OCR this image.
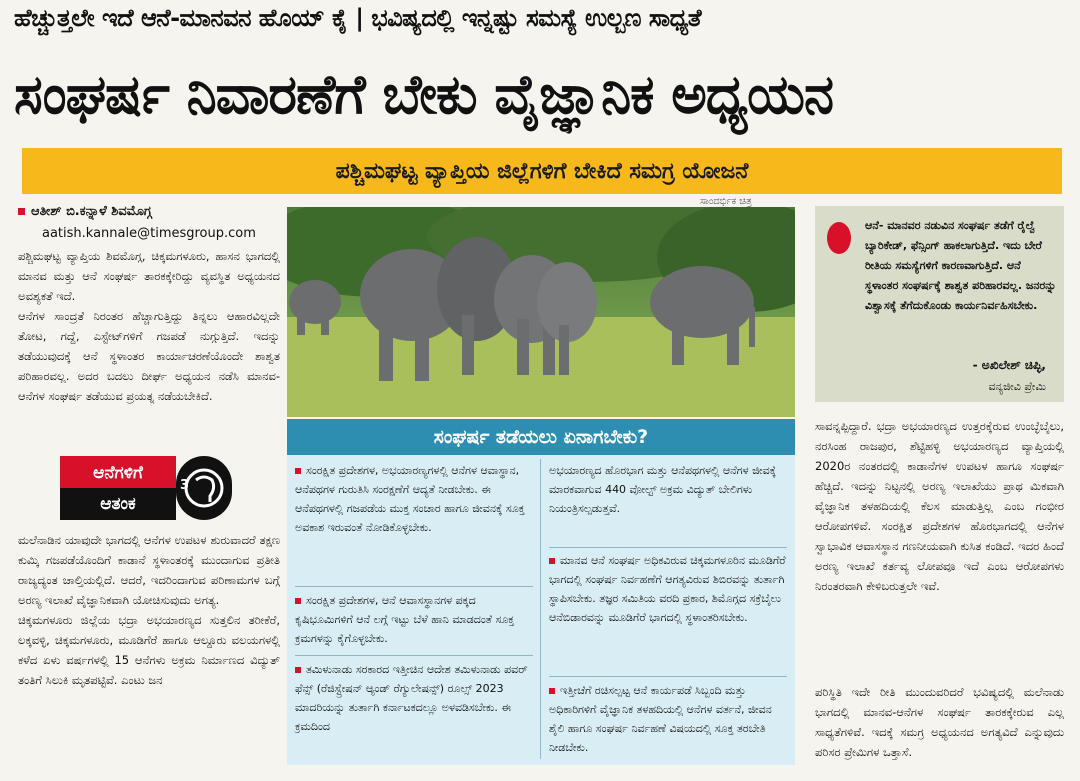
ಹೆಚ್ಚುತ್ತಲೇ ಇದೆ ಆನೆ-ಮಾನವನ ಹೊಯ್ ಕೈ | ಭವಿಷ್ಯದಲ್ಲಿ ಇನ್ನಷ್ಟು ಸಮಸ್ಯೆ ಉಲ್ಬಣ ಸಾಧ್ಯತೆ
ಸಂಘರ್ಷ ನಿವಾರಣೆಗೆ ಬೇಕು ವೈಜ್ಞಾನಿಕ ಅಧ್ಯಯನ
ಪಶ್ಚಿಮಘಟ್ಟ ವ್ಯಾಪ್ತಿಯ ಜಿಲ್ಲೆಗಳಿಗೆ ಬೇಕಿದೆ ಸಮಗ್ರ ಯೋಜನೆ
ಸಾಂದರ್ಭಿಕ ಚಿತ್ರ
ಆತೀಶ್ ಬಿ.ಕನ್ನಾಳೆ ಶಿವಮೊಗ್ಗ
aatish.kannale@timesgroup.com

ಪಶ್ಚಿಮಘಟ್ಟ ವ್ಯಾಪ್ತಿಯ ಶಿವಮೊಗ್ಗ, ಚಿಕ್ಕಮಗಳೂರು, ಹಾಸನ ಭಾಗದಲ್ಲಿ ಮಾನವ ಮತ್ತು ಆನೆ ಸಂಘರ್ಷ ತಾರಕಕ್ಕೇರಿದ್ದು ವ್ಯವಸ್ಥಿತ ಅಧ್ಯಯನದ ಅವಶ್ಯಕತೆ ಇದೆ.

ಆನೆಗಳ ಸಾಂದ್ರತೆ ನಿರಂತರ ಹೆಚ್ಚಾಗುತ್ತಿದ್ದು ತಿನ್ನಲು ಆಹಾರವಿಲ್ಲದೇ ತೋಟ, ಗದ್ದೆ, ಎಸ್ಟೇಟ್‌ಗಳಿಗೆ ಗಜಪಡೆ ನುಗ್ಗುತ್ತಿದೆ. ಇದನ್ನು ತಡೆಯುವುದಕ್ಕೆ ಆನೆ ಸ್ಥಳಾಂತರ ಕಾರ್ಯಾಚರಣೆಯೊಂದೇ ಶಾಶ್ವತ ಪರಿಹಾರವಲ್ಲ. ಅದರ ಬದಲು ದೀರ್ಘ ಅಧ್ಯಯನ ನಡೆಸಿ ಮಾನವ- ಆನೆಗಳ ಸಂಘರ್ಷ ತಡೆಯುವ ಪ್ರಯತ್ನ ನಡೆಯಬೇಕಿದೆ.

ಆನೆಗಳಿಗೆ
ಆತಂಕ
3

ಮಲೆನಾಡಿನ ಯಾವುದೇ ಭಾಗದಲ್ಲಿ ಆನೆಗಳ ಉಪಟಳ ಶುರುವಾದರೆ ತಕ್ಷಣ ಕುಮ್ಕಿ ಗಜಪಡೆಯೊಂದಿಗೆ ಕಾಡಾನೆ ಸ್ಥಳಾಂತರಕ್ಕೆ ಮುಂದಾಗುವ ಪ್ರತೀತಿ ರಾಜ್ಯದ್ಯಂತ ಚಾಲ್ತಿಯಲ್ಲಿದೆ. ಆದರೆ, ಇದರಿಂದಾಗುವ ಪರಿಣಾಮಗಳ ಬಗ್ಗೆ ಅರಣ್ಯ ಇಲಾಖೆ ವೈಜ್ಞಾನಿಕವಾಗಿ ಯೋಚಿಸುವುದು ಅಗತ್ಯ.

ಚಿಕ್ಕಮಗಳೂರು ಜಿಲ್ಲೆಯ ಭದ್ರಾ ಅಭಯಾರಣ್ಯದ ಸುತ್ತಲಿನ ತರೀಕೆರೆ, ಲಕ್ಕವಳ್ಳಿ, ಚಿಕ್ಕಮಗಳೂರು, ಮೂಡಿಗೆರೆ ಹಾಗೂ ಆಲ್ದೂರು ವಲಯಗಳಲ್ಲಿ ಕಳೆದ ಏಳು ವರ್ಷಗಳಲ್ಲಿ 15 ಆನೆಗಳು ಅಕ್ರಮ ನಿರ್ಮಾಣದ ವಿದ್ಯುತ್ ತಂತಿಗೆ ಸಿಲುಕಿ ಮೃತಪಟ್ಟಿವೆ. ಎಂಟು ಜನ

ಆನೆ- ಮಾನವರ ನಡುವಿನ ಸಂಘರ್ಷ ತಡೆಗೆ ರೈಲ್ವೆ ಬ್ಯಾರಿಕೇಡ್, ಫೆನ್ಸಿಂಗ್ ಹಾಕಲಾಗುತ್ತಿದೆ. ಇದು ಬೇರೆ ರೀತಿಯ ಸಮಸ್ಯೆಗಳಿಗೆ ಕಾರಣವಾಗುತ್ತಿದೆ. ಆನೆ ಸ್ಥಳಾಂತರ ಸಂಘರ್ಷಕ್ಕೆ ಶಾಶ್ವತ ಪರಿಹಾರವಲ್ಲ. ಜನರನ್ನು ವಿಶ್ವಾಸಕ್ಕೆ ತೆಗೆದುಕೊಂಡು ಕಾರ್ಯನಿರ್ವಹಿಸಬೇಕು.
- ಅಖಿಲೇಶ್ ಚಿಪ್ಳಿ,
ವನ್ಯಜೀವಿ ಪ್ರೇಮಿ

ಸಾವನ್ನಪ್ಪಿದ್ದಾರೆ. ಭದ್ರಾ ಅಭಯಾರಣ್ಯದ ಉತ್ತರಕ್ಕೆರುವ ಉಂಬ್ಳೆಬೈಲು, ನರಸಿಂಹ ರಾಜಪುರ, ಶೆಟ್ಟಿಹಳ್ಳಿ ಅಭಯಾರಣ್ಯದ ವ್ಯಾಪ್ತಿಯಲ್ಲಿ 2020ರ ನಂತರದಲ್ಲಿ ಕಾಡಾನೆಗಳ ಉಪಟಳ ಹಾಗೂ ಸಂಘರ್ಷ ಹೆಚ್ಚಿದೆ. ಇದನ್ನು ನಿಟ್ಟನಲ್ಲಿ ಅರಣ್ಯ ಇಲಾಖೆಯು ಪ್ರಾಥ ಮಿಕವಾಗಿ ವೈಜ್ಞಾನಿಕ ತಳಹದಿಯಲ್ಲಿ ಕೆಲಸ ಮಾಡುತ್ತಿಲ್ಲ ಎಂಬ ಗಂಭೀರ ಆರೋಪಗಳಿವೆ. ಸಂರಕ್ಷಿತ ಪ್ರದೇಶಗಳ ಹೊರಭಾಗದಲ್ಲಿ ಆನೆಗಳ ಸ್ವಾಭಾವಿಕ ಆವಾಸಸ್ಥಾನ ಗಣನೀಯವಾಗಿ ಕುಸಿತ ಕಂಡಿದೆ. ಇದರ ಹಿಂದೆ ಅರಣ್ಯ ಇಲಾಖೆ ಕರ್ತವ್ಯ ಲೋಪವೂ ಇದೆ ಎಂಬ ಆರೋಪಗಳು ನಿರಂತರವಾಗಿ ಕೇಳಿಬರುತ್ತಲೇ ಇವೆ.

ಪರಿಸ್ಥಿತಿ ಇದೇ ರೀತಿ ಮುಂದುವರಿದರೆ ಭವಿಷ್ಯದಲ್ಲಿ ಮಲೆನಾಡು ಭಾಗದಲ್ಲಿ ಮಾನವ-ಆನೆಗಳ ಸಂಘರ್ಷ ತಾರಕಕ್ಕೇರುವ ಎಲ್ಲ ಸಾಧ್ಯತೆಗಳಿವೆ. ಇದಕ್ಕೆ ಸಮಗ್ರ ಅಧ್ಯಯನದ ಅಗತ್ಯವಿದೆ ಎನ್ನುವುದು ಪರಿಸರ ಪ್ರೇಮಿಗಳ ಒತ್ತಾಸೆ.

ಸಂಘರ್ಷ ತಡೆಯಲು ಏನಾಗಬೇಕು?
ಸಂರಕ್ಷಿತ ಪ್ರದೇಶಗಳ, ಅಭಯಾರಣ್ಯಗಳಲ್ಲಿ ಆನೆಗಳ ಆವಾಸ್ಥಾನ, ಆನೆಪಥಗಳ ಗುರುತಿಸಿ ಸಂರಕ್ಷಣೆಗೆ ಆದ್ಯತೆ ನೀಡಬೇಕು. ಈ ಆನೆಪಥಗಳಲ್ಲಿ ಗಜಪಡೆಯ ಮುಕ್ತ ಸಂಚಾರ ಹಾಗೂ ಜೀವನಕ್ಕೆ ಸೂಕ್ತ ಅವಕಾಶ ಇರುವಂತೆ ನೋಡಿಕೊಳ್ಳಬೇಕು.
ಸಂರಕ್ಷಿತ ಪ್ರದೇಶಗಳ, ಆನೆ ಆವಾಸಸ್ಥಾನಗಳ ಪಕ್ಕದ ಕೃಷಿಭೂಮಿಗಳಿಗೆ ಆನೆ ಲಗ್ಗೆ ಇಟ್ಟು ಬೆಳೆ ಹಾನಿ ಮಾಡದಂತೆ ಸೂಕ್ತ ಕ್ರಮಗಳನ್ನು ಕೈಗೊಳ್ಳಬೇಕು.
ತಮಿಳುನಾಡು ಸರಕಾರದ ಇತ್ತೀಚಿನ ಆದೇಶ ತಮಿಳುನಾಡು ಪವರ್ ಫೆನ್ಸ್ (ರೆಜಿಸ್ಟ್ರೇಷನ್ ಆ್ಯಂಡ್ ರೆಗ್ಯುಲೇಷನ್ಸ್) ರೂಲ್ಸ್ 2023 ಮಾದರಿಯನ್ನು ತುರ್ತಾಗಿ ಕರ್ನಾಟಕದಲ್ಲೂ ಅಳವಡಿಸಬೇಕು. ಈ ಕ್ರಮದಿಂದ
ಅಭಯಾರಣ್ಯದ ಹೊರಭಾಗ ಮತ್ತು ಆನೆಪಥಗಳಲ್ಲಿ ಆನೆಗಳ ಜೀವಕ್ಕೆ ಮಾರಕವಾಗುವ 440 ವೋಲ್ಟ್ ಅಕ್ರಮ ವಿದ್ಯುತ್ ಬೇಲಿಗಳು ನಿಯಂತ್ರಿಸಲ್ಪಡುತ್ತವೆ.
ಮಾನವ ಆನೆ ಸಂಘರ್ಷ ಅಧಿಕವಿರುವ ಚಿಕ್ಕಮಗಳೂರಿನ ಮೂಡಿಗೆರೆ ಭಾಗದಲ್ಲಿ ಸಂಘರ್ಷ ನಿರ್ವಹಣೆಗೆ ಆಗತ್ಯವಿರುವ ಶಿಬಿರವನ್ನು ತುರ್ತಾಗಿ ಸ್ಥಾಪಿಸಬೇಕು. ತಜ್ಞರ ಸಮಿತಿಯ ವರದಿ ಪ್ರಕಾರ, ಶಿಮೊಗ್ಗದ ಸಕ್ರೆಬೈಲು ಆನೆಬಿಡಾರವನ್ನು ಮೂಡಿಗೆರೆ ಭಾಗದಲ್ಲಿ ಸ್ಥಳಾಂತರಿಸಬೇಕು.
ಇತ್ತೀಚೆಗೆ ರಚಿಸಲ್ಪಟ್ಟ ಆನೆ ಕಾರ್ಯಪಡೆ ಸಿಬ್ಬಂದಿ ಮತ್ತು ಅಧಿಕಾರಿಗಳಿಗೆ ವೈಜ್ಞಾನಿಕ ತಳಹದಿಯಲ್ಲಿ ಆನೆಗಳ ವರ್ತನೆ, ಜೀವನ ಶೈಲಿ ಹಾಗೂ ಸಂಘರ್ಷ ನಿರ್ವಹಣೆ ವಿಷಯದಲ್ಲಿ ಸೂಕ್ತ ತರಬೇತಿ ನೀಡಬೇಕು.
